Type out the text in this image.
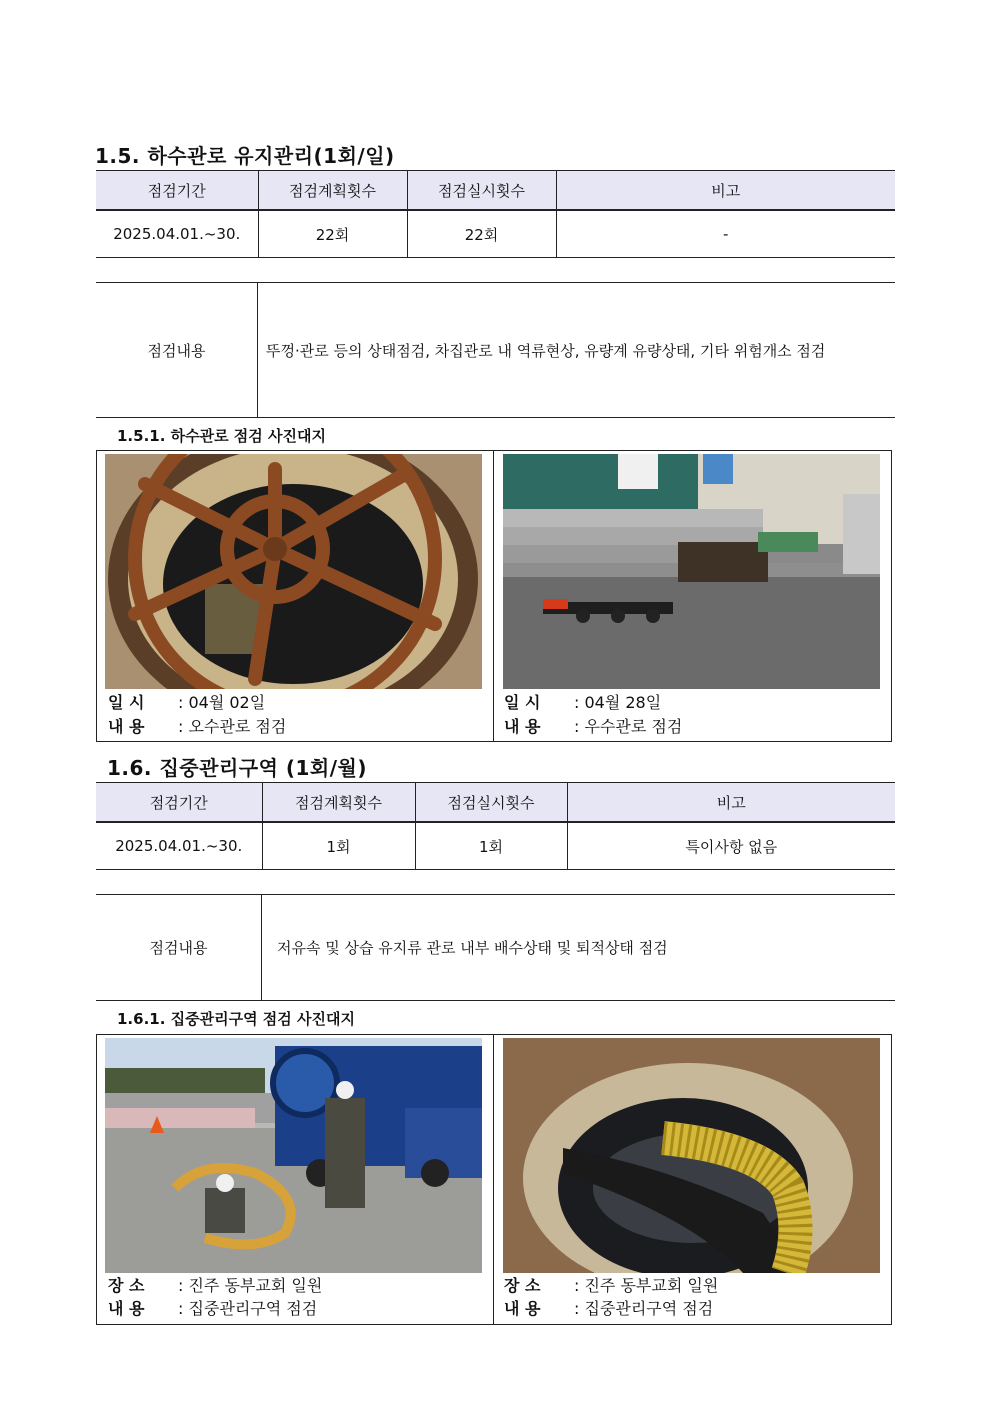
1.5. 하수관로 유지관리(1회/일)
점검기간	점검계획횟수	점검실시횟수	비고
2025.04.01.~30.	22회	22회	-
점검내용	뚜껑·관로 등의 상태점검, 차집관로 내 역류현상, 유량계 유량상태, 기타 위험개소 점검
1.5.1. 하수관로 점검 사진대지
일 시 : 04월 02일
내 용 : 오수관로 점검
일 시 : 04월 28일
내 용 : 우수관로 점검
1.6. 집중관리구역 (1회/월)
점검기간	점검계획횟수	점검실시횟수	비고
2025.04.01.~30.	1회	1회	특이사항 없음
점검내용	저유속 및 상습 유지류 관로 내부 배수상태 및 퇴적상태 점검
1.6.1. 집중관리구역 점검 사진대지
장 소 : 진주 동부교회 일원
내 용 : 집중관리구역 점검
장 소 : 진주 동부교회 일원
내 용 : 집중관리구역 점검
